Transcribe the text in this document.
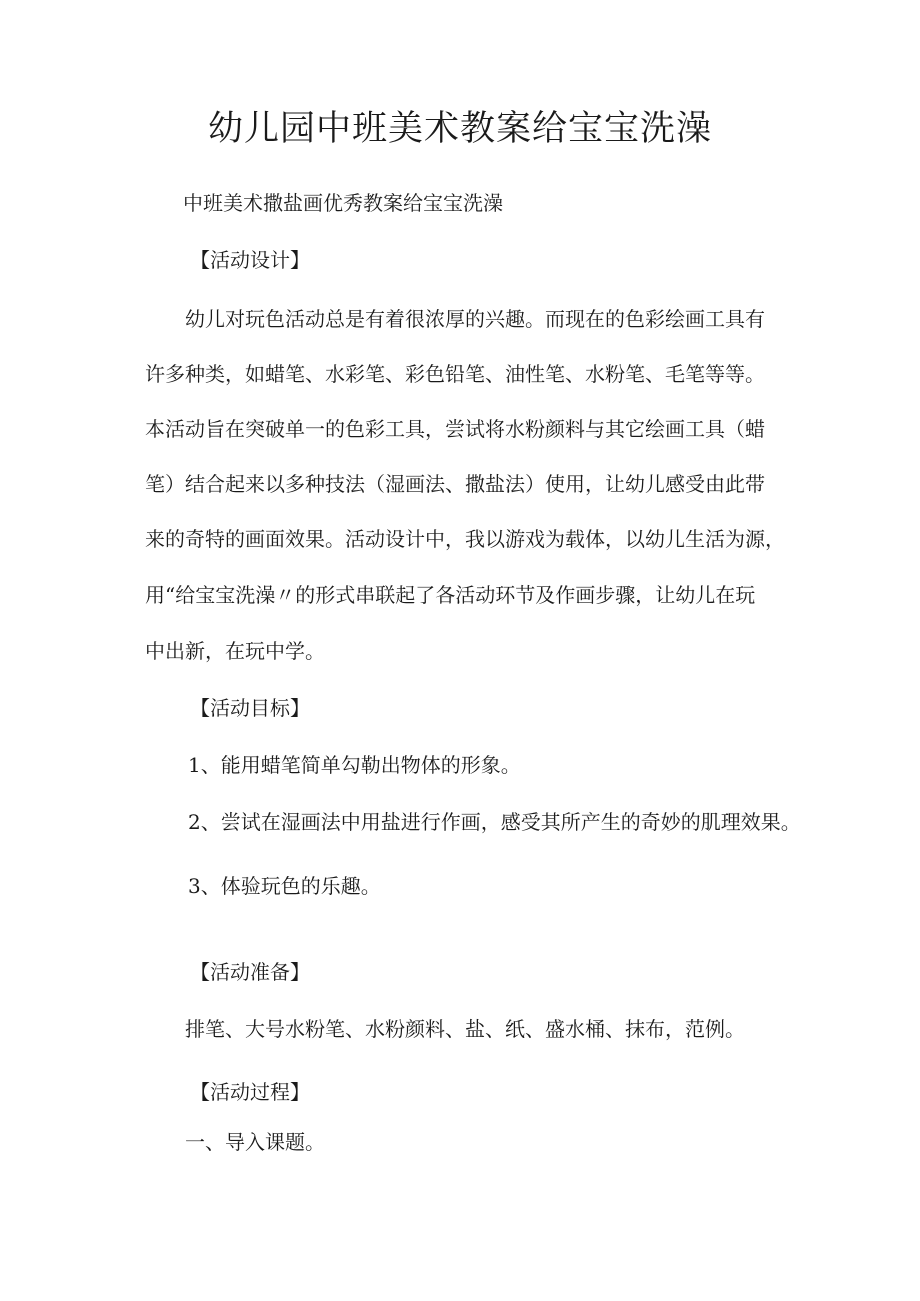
幼儿园中班美术教案给宝宝洗澡
中班美术撒盐画优秀教案给宝宝洗澡
【活动设计】
幼儿对玩色活动总是有着很浓厚的兴趣。而现在的色彩绘画工具有
许多种类，如蜡笔、水彩笔、彩色铅笔、油性笔、水粉笔、毛笔等等。
本活动旨在突破单一的色彩工具，尝试将水粉颜料与其它绘画工具（蜡
笔）结合起来以多种技法（湿画法、撒盐法）使用，让幼儿感受由此带
来的奇特的画面效果。活动设计中，我以游戏为载体，以幼儿生活为源，
用“给宝宝洗澡〃的形式串联起了各活动环节及作画步骤，让幼儿在玩
中出新，在玩中学。
【活动目标】
1、能用蜡笔简单勾勒出物体的形象。
2、尝试在湿画法中用盐进行作画，感受其所产生的奇妙的肌理效果。
3、体验玩色的乐趣。
【活动准备】
排笔、大号水粉笔、水粉颜料、盐、纸、盛水桶、抹布，范例。
【活动过程】
一、导入课题。
